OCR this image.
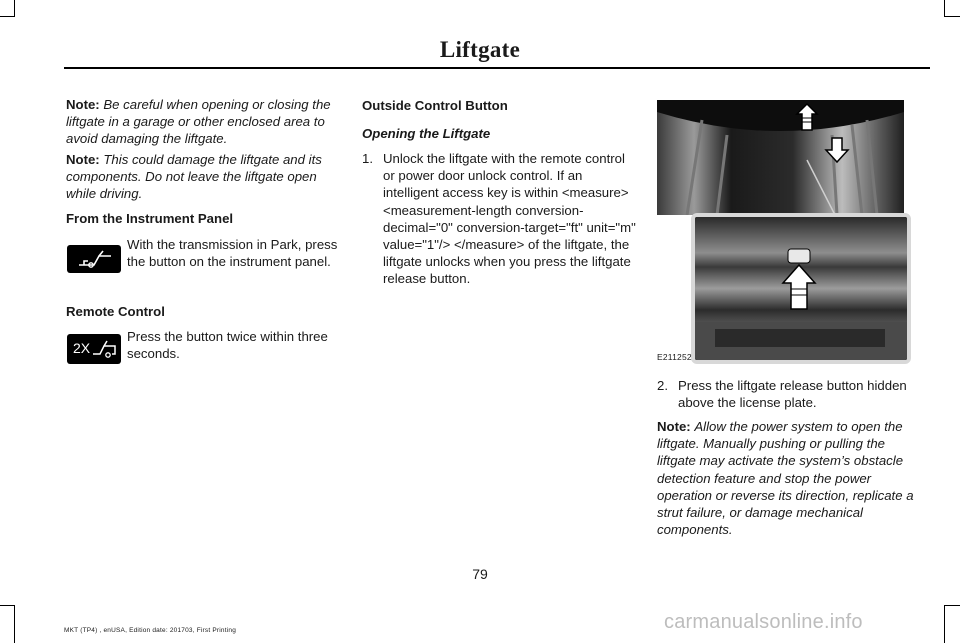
Liftgate

Note: Be careful when opening or closing the liftgate in a garage or other enclosed area to avoid damaging the liftgate.

Note: This could damage the liftgate and its components. Do not leave the liftgate open while driving.

From the Instrument Panel
With the transmission in Park, press the button on the instrument panel.
Remote Control
2X
Press the button twice within three seconds.
Outside Control Button
Opening the Liftgate
1. Unlock the liftgate with the remote control or power door unlock control. If an intelligent access key is within <measure> <measurement-length conversion-decimal="0" conversion-target="ft" unit="m" value="1"/> </measure> of the liftgate, the liftgate unlocks when you press the liftgate release button.
E211252
2. Press the liftgate release button hidden above the license plate.

Note: Allow the power system to open the liftgate. Manually pushing or pulling the liftgate may activate the system’s obstacle detection feature and stop the power operation or reverse its direction, replicate a strut failure, or damage mechanical components.

79
MKT (TP4) , enUSA, Edition date: 201703, First Printing	carmanualsonline.info
